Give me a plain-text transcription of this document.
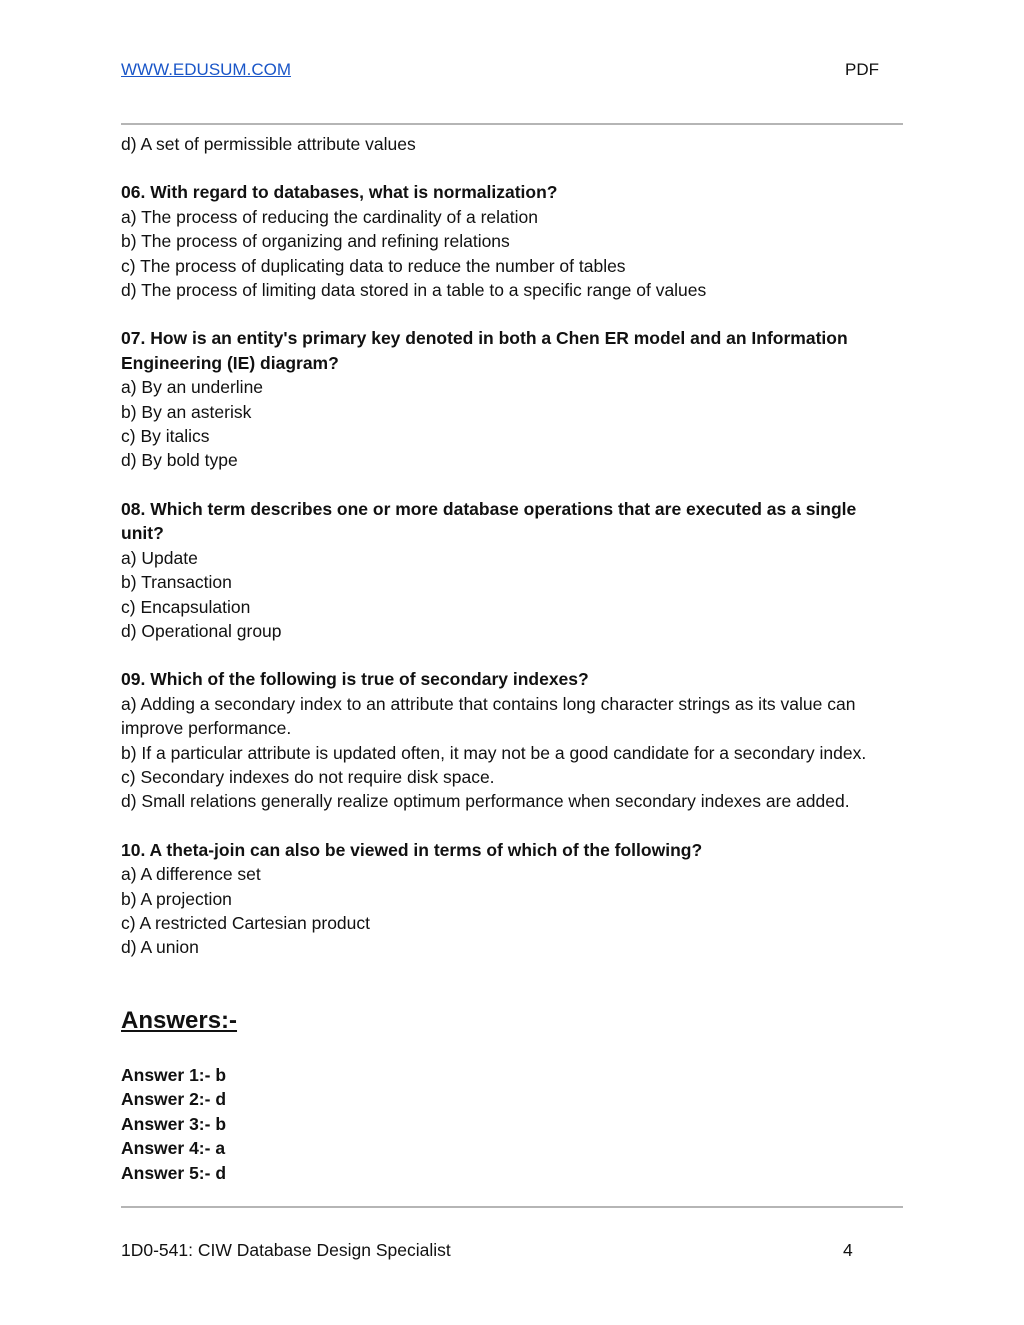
WWW.EDUSUM.COM	PDF

d) A set of permissible attribute values

06. With regard to databases, what is normalization?

a) The process of reducing the cardinality of a relation

b) The process of organizing and refining relations

c) The process of duplicating data to reduce the number of tables

d) The process of limiting data stored in a table to a specific range of values

07. How is an entity's primary key denoted in both a Chen ER model and an Information Engineering (IE) diagram?

a) By an underline

b) By an asterisk

c) By italics

d) By bold type

08. Which term describes one or more database operations that are executed as a single unit?

a) Update

b) Transaction

c) Encapsulation

d) Operational group

09. Which of the following is true of secondary indexes?

a) Adding a secondary index to an attribute that contains long character strings as its value can improve performance.

b) If a particular attribute is updated often, it may not be a good candidate for a secondary index.

c) Secondary indexes do not require disk space.

d) Small relations generally realize optimum performance when secondary indexes are added.

10. A theta-join can also be viewed in terms of which of the following?

a) A difference set

b) A projection

c) A restricted Cartesian product

d) A union

Answers:-
Answer 1:- b
Answer 2:- d
Answer 3:- b
Answer 4:- a
Answer 5:- d
1D0-541: CIW Database Design Specialist	4
